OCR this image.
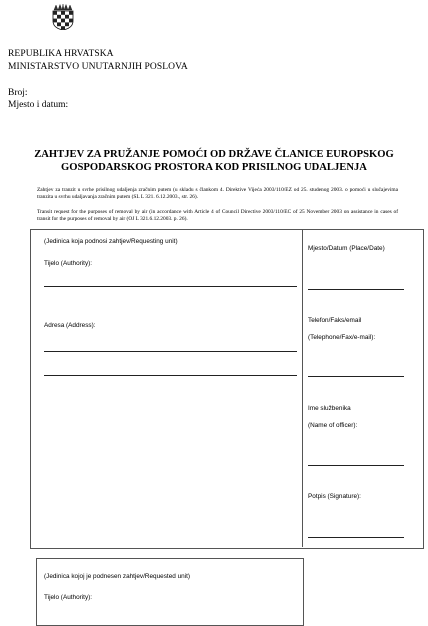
REPUBLIKA HRVATSKA
MINISTARSTVO UNUTARNJIH POSLOVA
Broj:
Mjesto i datum:
ZAHTJEV ZA PRUŽANJE POMOĆI OD DRŽAVE ČLANICE EUROPSKOG
GOSPODARSKOG PROSTORA KOD PRISILNOG UDALJENJA
Zahtjev za tranzit u svrhe prisilnog udaljenja zračnim putem (u skladu s člankom 4. Direktive Vijeća 2003/110/EZ od 25. studenog 2003. o pomoći u slučajevima tranzita u svrhu udaljavanja zračnim putem (SL L 321. 6.12.2003., str. 26).
Transit request for the purposes of removal by air (in accordance with Article 4 of Council Directive 2003/110/EC of 25 November 2003 on assistance in cases of transit for the purposes of removal by air (OJ L 321.6.12.2003. p. 26).
(Jedinica koja podnosi zahtjev/Requesting unit)
Tijelo (Authority):
Adresa (Address):
Mjesto/Datum (Place/Date)
Telefon/Faks/email
(Telephone/Fax/e-mail):
Ime službenika
(Name of officer):
Potpis (Signature):
(Jedinica kojoj je podnesen zahtjev/Requested unit)
Tijelo (Authority):
